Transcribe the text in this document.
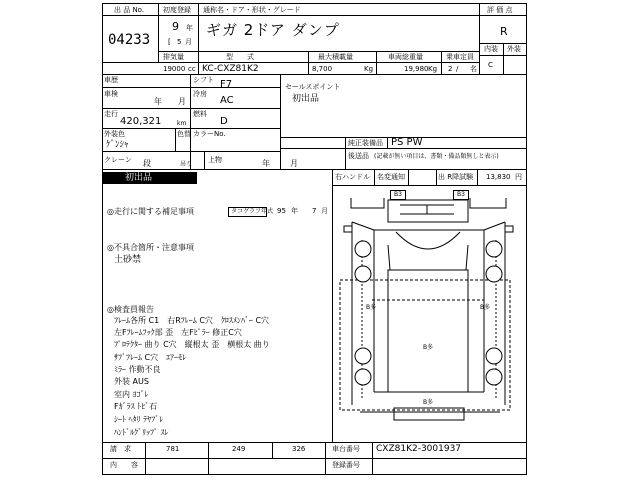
出 品 No.
04233
初度登録
9 年
[ 5 月
通称名・ドア・形状・グレード
ギガ 2ドア ダンプ
排気量
19000 cc
型　　式
KC-CXZ81K2
最大積載量
8,700	Kg
車両総重量
19,980 Kg
乗車定員
2 / 名
評 価 点
R
内装 外装
C
車歴	シフト F7
車検
年 月
冷房
AC
走行
420,321	km
燃料
D
外装色
ｹﾞﾝｼｬ
色替 カラーNo.
クレーン 段	吊り
上物	年	月
セールスポイント
初出品
純正装備品 PS PW
後送品 (記載が無い項目は、書類・備品類無しと表示)
初出品	右ハンドル 名変通知	出 R降試験 13,830 円
◎走行に関する補足事項	タコグラフ年式 95 年 7 月
◎不具合箇所・注意事項
土砂禁
◎検査員報告
ﾌﾚｰﾑ各所 C1　右Rﾌﾚｰﾑ C穴　ｸﾛｽﾒﾝﾊﾞｰ C穴
左Fﾌﾚｰﾑﾌｯｸ部 歪　左Fﾋﾟﾗｰ 修正C穴
ﾌﾟﾛﾃｸﾀｰ 曲り C穴　縦根太 歪　横根太 曲り
ｻﾌﾞﾌﾚｰﾑ C穴　ｴｱｰﾓﾚ
ﾐﾗｰ 作動不良
外装 AUS
室内 ﾖｺﾞﾚ
Fｶﾞﾗｽ ﾄﾋﾞ石
ｼｰﾄ ﾍﾀﾘ ﾃﾔﾌﾞﾚ
ﾊﾝﾄﾞﾙｸﾞﾘｯﾌﾟ ｽﾚ
B3	B3
B多	B多
B多
B多
請　求	781	249	326
内　　容
車台番号 CXZ81K2-3001937
登録番号
